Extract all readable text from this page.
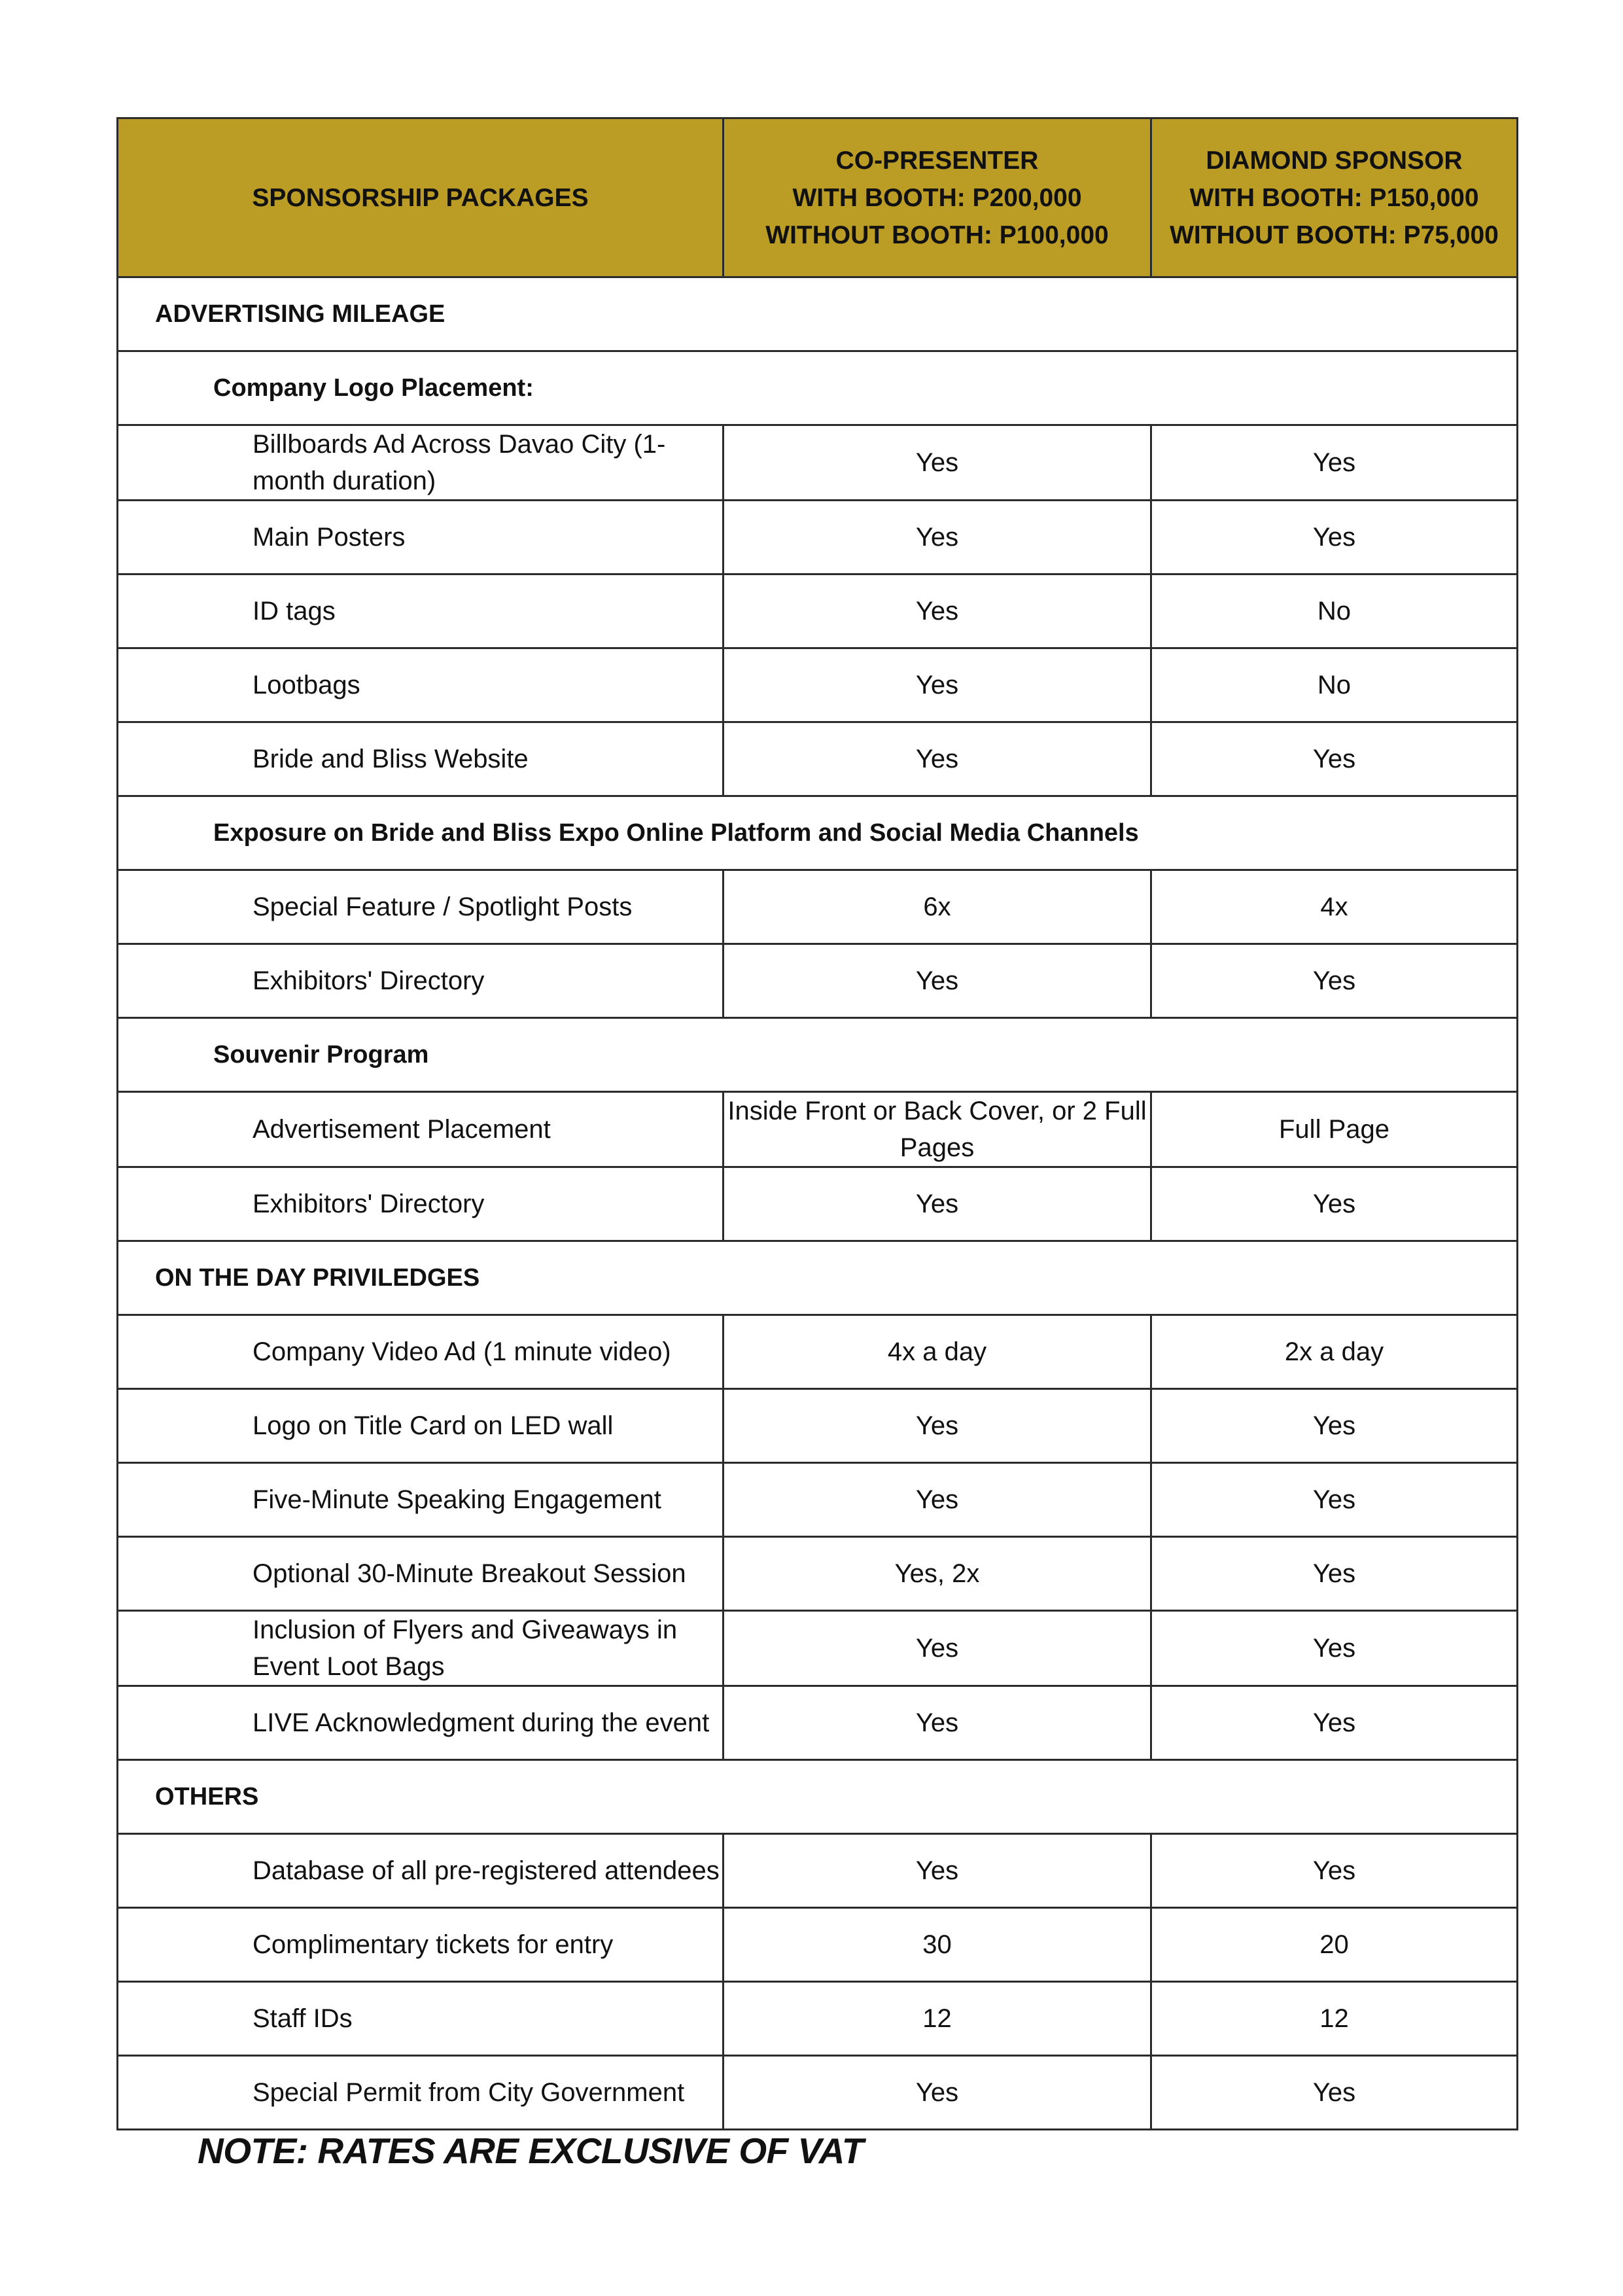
SPONSORSHIP PACKAGES	CO-PRESENTER
WITH BOOTH: P200,000
WITHOUT BOOTH: P100,000	DIAMOND SPONSOR
WITH BOOTH: P150,000
WITHOUT BOOTH: P75,000

ADVERTISING MILEAGE		
Company Logo Placement:		
Billboards Ad Across Davao City (1-month duration)	Yes	Yes
Main Posters	Yes	Yes
ID tags	Yes	No
Lootbags	Yes	No
Bride and Bliss Website	Yes	Yes
Exposure on Bride and Bliss Expo Online Platform and Social Media Channels		
Special Feature / Spotlight Posts	6x	4x
Exhibitors' Directory	Yes	Yes
Souvenir Program		
Advertisement Placement	Inside Front or Back Cover, or 2 Full Pages	Full Page
Exhibitors' Directory	Yes	Yes
ON THE DAY PRIVILEDGES		
Company Video Ad (1 minute video)	4x a day	2x a day
Logo on Title Card on LED wall	Yes	Yes
Five-Minute Speaking Engagement	Yes	Yes
Optional 30-Minute Breakout Session	Yes, 2x	Yes
Inclusion of Flyers and Giveaways in Event Loot Bags	Yes	Yes
LIVE Acknowledgment during the event	Yes	Yes
OTHERS		
Database of all pre-registered attendees	Yes	Yes
Complimentary tickets for entry	30	20
Staff IDs	12	12
Special Permit from City Government	Yes	Yes
NOTE: RATES ARE EXCLUSIVE OF VAT
